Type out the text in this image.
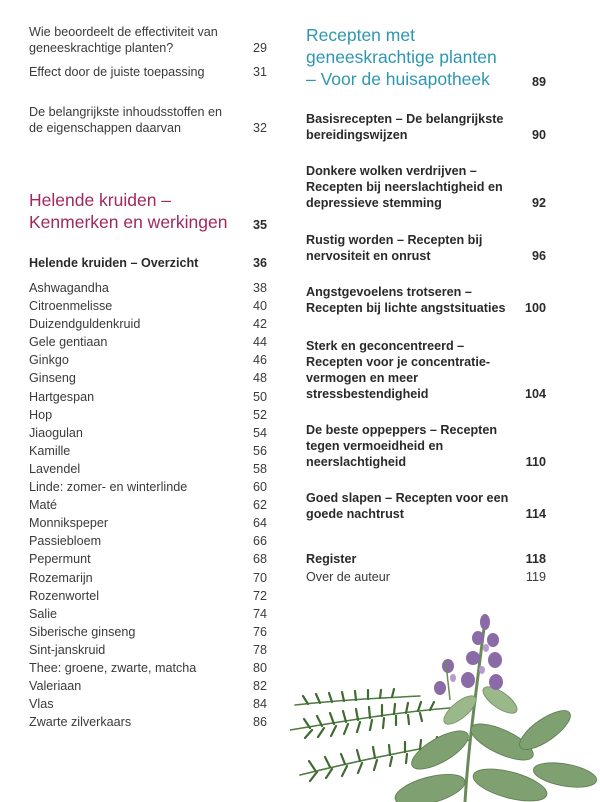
Wie beoordeelt de effectiviteit van geneeskrachtige planten?	29
Effect door de juiste toepassing	31
De belangrijkste inhoudsstoffen en de eigenschappen daarvan	32
Helende kruiden – Kenmerken en werkingen	35
Helende kruiden – Overzicht	36
Ashwagandha	38
Citroenmelisse	40
Duizendguldenkruid	42
Gele gentiaan	44
Ginkgo	46
Ginseng	48
Hartgespan	50
Hop	52
Jiaogulan	54
Kamille	56
Lavendel	58
Linde: zomer- en winterlinde	60
Maté	62
Monnikspeper	64
Passiebloem	66
Pepermunt	68
Rozemarijn	70
Rozenwortel	72
Salie	74
Siberische ginseng	76
Sint-janskruid	78
Thee: groene, zwarte, matcha	80
Valeriaan	82
Vlas	84
Zwarte zilverkaars	86
Recepten met geneeskrachtige planten – Voor de huisapotheek	89
Basisrecepten – De belangrijkste bereidingswijzen	90
Donkere wolken verdrijven – Recepten bij neerslachtigheid en depressieve stemming	92
Rustig worden – Recepten bij nervositeit en onrust	96
Angstgevoelens trotseren – Recepten bij lichte angstsituaties	100
Sterk en geconcentreerd – Recepten voor je concentratie-vermogen en meer stressbestendigheid	104
De beste oppeppers – Recepten tegen vermoeidheid en neerslachtigheid	110
Goed slapen – Recepten voor een goede nachtrust	114
Register	118
Over de auteur	119
